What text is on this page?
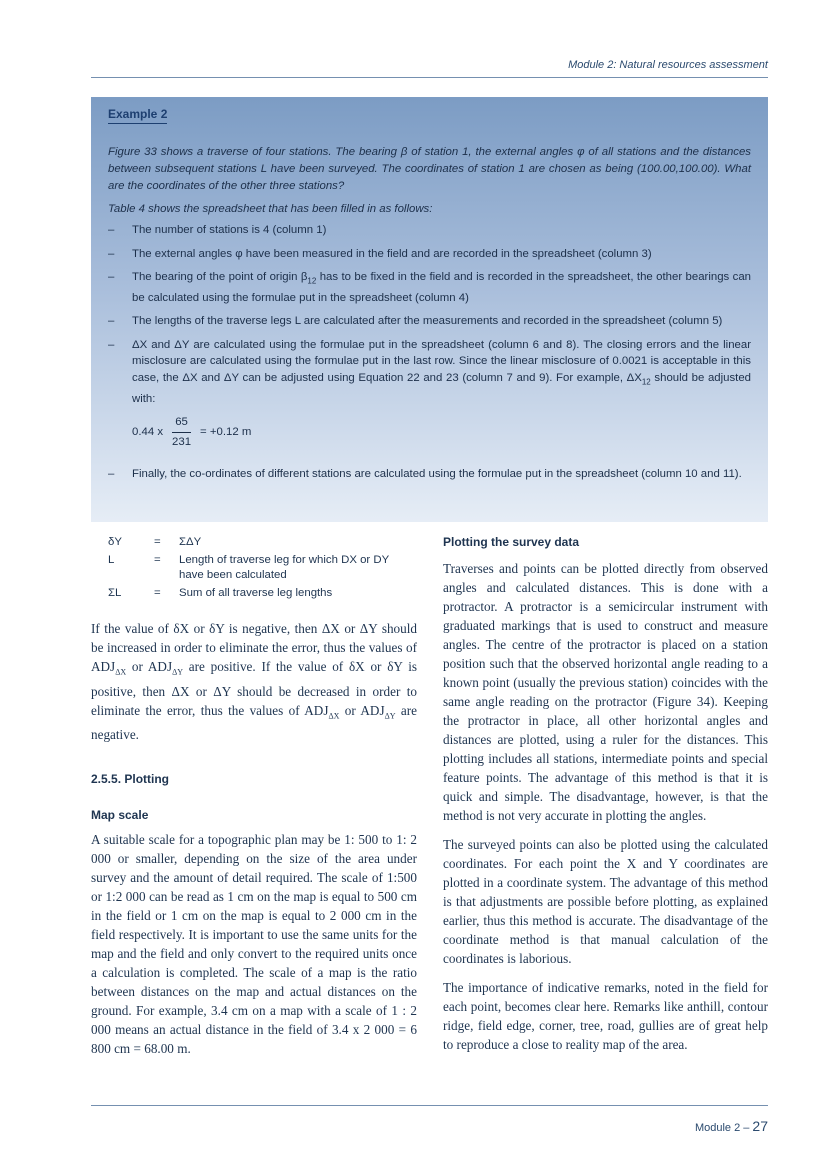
Module 2: Natural resources assessment
Example 2
Figure 33 shows a traverse of four stations. The bearing β of station 1, the external angles φ of all stations and the distances between subsequent stations L have been surveyed. The coordinates of station 1 are chosen as being (100.00,100.00). What are the coordinates of the other three stations?
Table 4 shows the spreadsheet that has been filled in as follows:
– The number of stations is 4 (column 1)
– The external angles φ have been measured in the field and are recorded in the spreadsheet (column 3)
– The bearing of the point of origin $\beta_{12}$ has to be fixed in the field and is recorded in the spreadsheet, the other bearings can be calculated using the formulae put in the spreadsheet (column 4)
– The lengths of the traverse legs L are calculated after the measurements and recorded in the spreadsheet (column 5)
– ΔX and ΔY are calculated using the formulae put in the spreadsheet (column 6 and 8). The closing errors and the linear misclosure are calculated using the formulae put in the last row. Since the linear misclosure of 0.0021 is acceptable in this case, the ΔX and ΔY can be adjusted using Equation 22 and 23 (column 7 and 9). For example, $\Delta X_{12}$ should be adjusted with:
0.44 x $\frac{65}{231} = +0.12$ m
– Finally, the co-ordinates of different stations are calculated using the formulae put in the spreadsheet (column 10 and 11).
δY	=	ΣΔY
L	=	Length of traverse leg for which DX or DY have been calculated
ΣL	=	Sum of all traverse leg lengths

If the value of δX or δY is negative, then ΔX or ΔY should be increased in order to eliminate the error, thus the values of $ADJ_{\Delta X}$ or $ADJ_{\Delta Y}$ are positive. If the value of δX or δY is positive, then ΔX or ΔY should be decreased in order to eliminate the error, thus the values of $ADJ_{\Delta X}$ or $ADJ_{\Delta Y}$ are negative.

2.5.5. Plotting
Map scale

A suitable scale for a topographic plan may be 1: 500 to 1: 2 000 or smaller, depending on the size of the area under survey and the amount of detail required. The scale of 1:500 or 1:2 000 can be read as 1 cm on the map is equal to 500 cm in the field or 1 cm on the map is equal to 2 000 cm in the field respectively. It is important to use the same units for the map and the field and only convert to the required units once a calculation is completed. The scale of a map is the ratio between distances on the map and actual distances on the ground. For example, 3.4 cm on a map with a scale of 1 : 2 000 means an actual distance in the field of 3.4 x 2 000 = 6 800 cm = 68.00 m.

Plotting the survey data

Traverses and points can be plotted directly from observed angles and calculated distances. This is done with a protractor. A protractor is a semicircular instrument with graduated markings that is used to construct and measure angles. The centre of the protractor is placed on a station position such that the observed horizontal angle reading to a known point (usually the previous station) coincides with the same angle reading on the protractor (Figure 34). Keeping the protractor in place, all other horizontal angles and distances are plotted, using a ruler for the distances. This plotting includes all stations, intermediate points and special feature points. The advantage of this method is that it is quick and simple. The disadvantage, however, is that the method is not very accurate in plotting the angles.

The surveyed points can also be plotted using the calculated coordinates. For each point the X and Y coordinates are plotted in a coordinate system. The advantage of this method is that adjustments are possible before plotting, as explained earlier, thus this method is accurate. The disadvantage of the coordinate method is that manual calculation of the coordinates is laborious.

The importance of indicative remarks, noted in the field for each point, becomes clear here. Remarks like anthill, contour ridge, field edge, corner, tree, road, gullies are of great help to reproduce a close to reality map of the area.

Module 2 – 27
